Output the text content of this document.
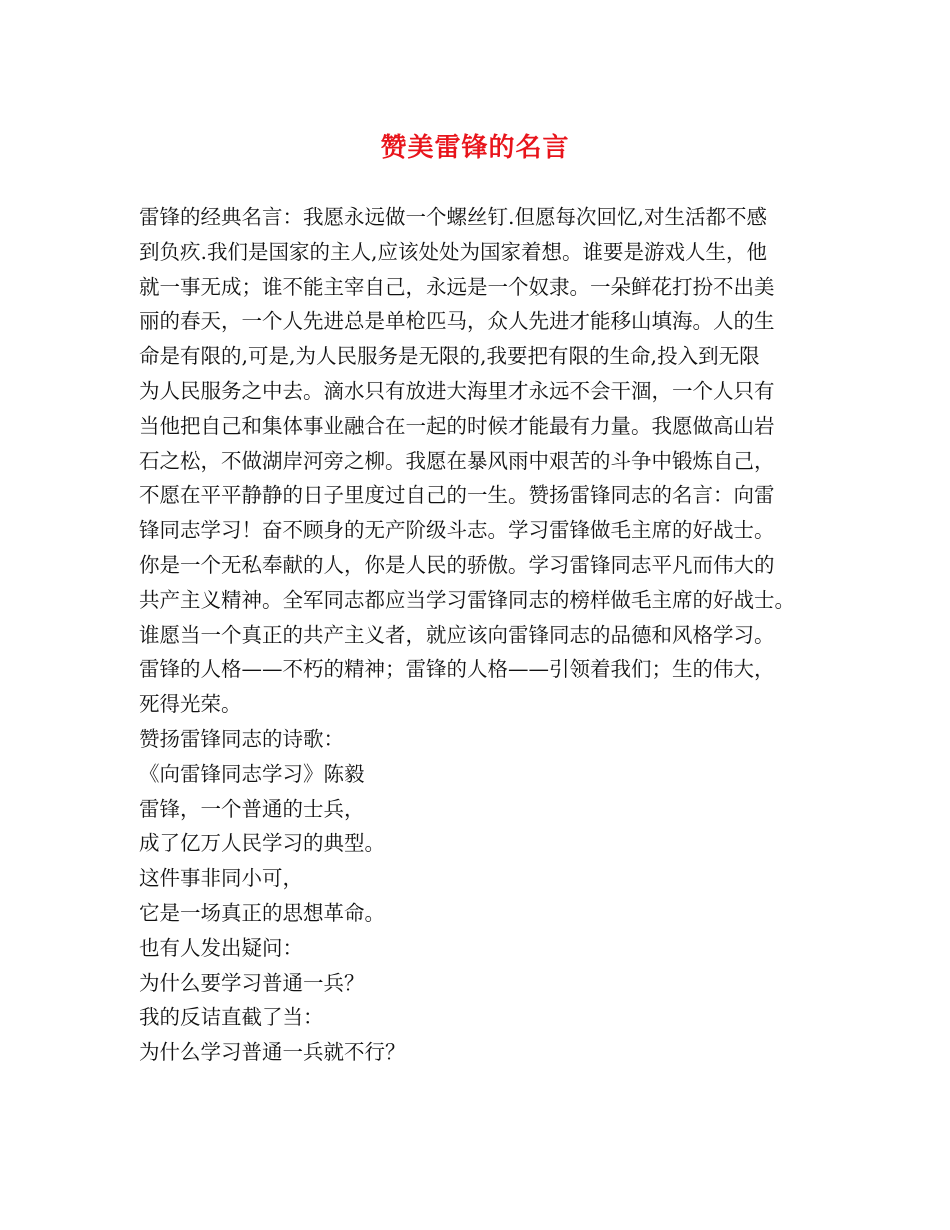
赞美雷锋的名言
雷锋的经典名言：我愿永远做一个螺丝钉.但愿每次回忆,对生活都不感
到负疚.我们是国家的主人,应该处处为国家着想。谁要是游戏人生，他
就一事无成；谁不能主宰自己，永远是一个奴隶。一朵鲜花打扮不出美
丽的春天，一个人先进总是单枪匹马，众人先进才能移山填海。人的生
命是有限的,可是,为人民服务是无限的,我要把有限的生命,投入到无限
为人民服务之中去。滴水只有放进大海里才永远不会干涸，一个人只有
当他把自己和集体事业融合在一起的时候才能最有力量。我愿做高山岩
石之松，不做湖岸河旁之柳。我愿在暴风雨中艰苦的斗争中锻炼自己，
不愿在平平静静的日子里度过自己的一生。赞扬雷锋同志的名言：向雷
锋同志学习！奋不顾身的无产阶级斗志。学习雷锋做毛主席的好战士。
你是一个无私奉献的人，你是人民的骄傲。学习雷锋同志平凡而伟大的
共产主义精神。全军同志都应当学习雷锋同志的榜样做毛主席的好战士。
谁愿当一个真正的共产主义者，就应该向雷锋同志的品德和风格学习。
雷锋的人格——不朽的精神；雷锋的人格——引领着我们；生的伟大，
死得光荣。
赞扬雷锋同志的诗歌：
《向雷锋同志学习》陈毅
雷锋，一个普通的士兵，
成了亿万人民学习的典型。
这件事非同小可，
它是一场真正的思想革命。
也有人发出疑问：
为什么要学习普通一兵？
我的反诘直截了当：
为什么学习普通一兵就不行？
